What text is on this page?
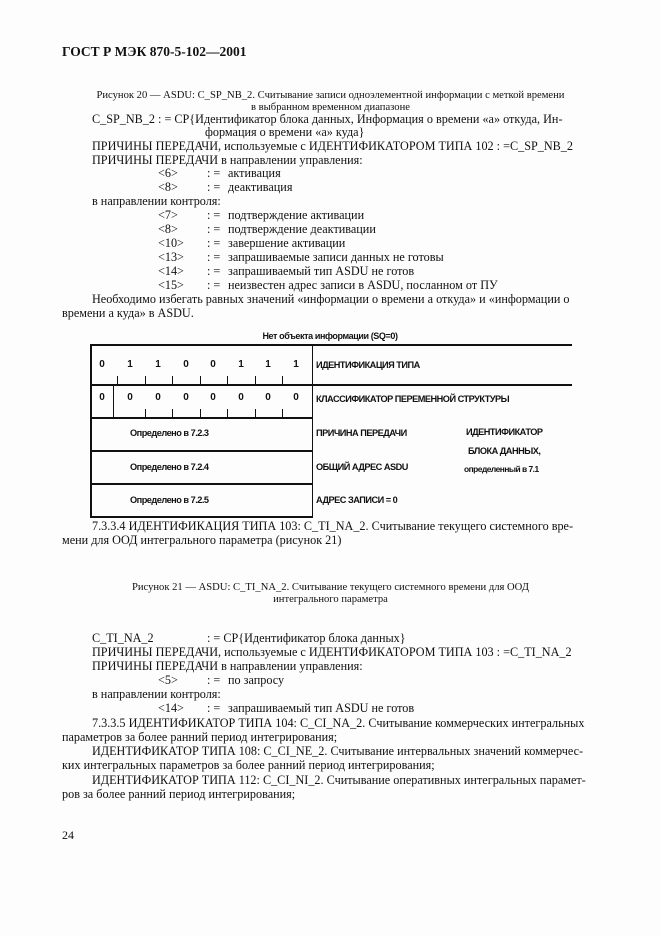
ГОСТ Р МЭК 870-5-102—2001
Рисунок 20 — ASDU: C_SP_NB_2. Считывание записи одноэлементной информации с меткой времени
в выбранном временном диапазоне
C_SP_NB_2 : = CP{Идентификатор блока данных, Информация о времени «а» откуда, Ин-
формация о времени «а» куда}
ПРИЧИНЫ ПЕРЕДАЧИ, используемые с ИДЕНТИФИКАТОРОМ ТИПА 102 : =C_SP_NB_2
ПРИЧИНЫ ПЕРЕДАЧИ в направлении управления:
<6> : = активация
<8> : = деактивация
в направлении контроля:
<7> : = подтверждение активации
<8> : = подтверждение деактивации
<10> : = завершение активации
<13> : = запрашиваемые записи данных не готовы
<14> : = запрашиваемый тип ASDU не готов
<15> : = неизвестен адрес записи в ASDU, посланном от ПУ
Необходимо избегать равных значений «информации о времени а откуда» и «информации о
времени а куда» в ASDU.
Нет объекта информации (SQ=0)
0	1	1	0	0	1	1	1	ИДЕНТИФИКАЦИЯ ТИПА
0	0	0	0	0	0	0	0	КЛАССИФИКАТОР ПЕРЕМЕННОЙ СТРУКТУРЫ
Определено в 7.2.3	ПРИЧИНА ПЕРЕДАЧИ
Определено в 7.2.4	ОБЩИЙ АДРЕС ASDU
Определено в 7.2.5	АДРЕС ЗАПИСИ = 0
ИДЕНТИФИКАТОР
БЛОКА ДАННЫХ,
определенный в 7.1
7.3.3.4 ИДЕНТИФИКАЦИЯ ТИПА 103: C_TI_NA_2. Считывание текущего системного вре-
мени для ООД интегрального параметра (рисунок 21)
Рисунок 21 — ASDU: C_TI_NA_2. Считывание текущего системного времени для ООД
интегрального параметра
C_TI_NA_2	: = CP{Идентификатор блока данных}
ПРИЧИНЫ ПЕРЕДАЧИ, используемые с ИДЕНТИФИКАТОРОМ ТИПА 103 : =C_TI_NA_2
ПРИЧИНЫ ПЕРЕДАЧИ в направлении управления:
<5> : = по запросу
в направлении контроля:
<14> : = запрашиваемый тип ASDU не готов
7.3.3.5 ИДЕНТИФИКАТОР ТИПА 104: C_CI_NA_2. Считывание коммерческих интегральных
параметров за более ранний период интегрирования;
ИДЕНТИФИКАТОР ТИПА 108: C_CI_NE_2. Считывание интервальных значений коммерчес-
ких интегральных параметров за более ранний период интегрирования;
ИДЕНТИФИКАТОР ТИПА 112: C_CI_NI_2. Считывание оперативных интегральных парамет-
ров за более ранний период интегрирования;
24
